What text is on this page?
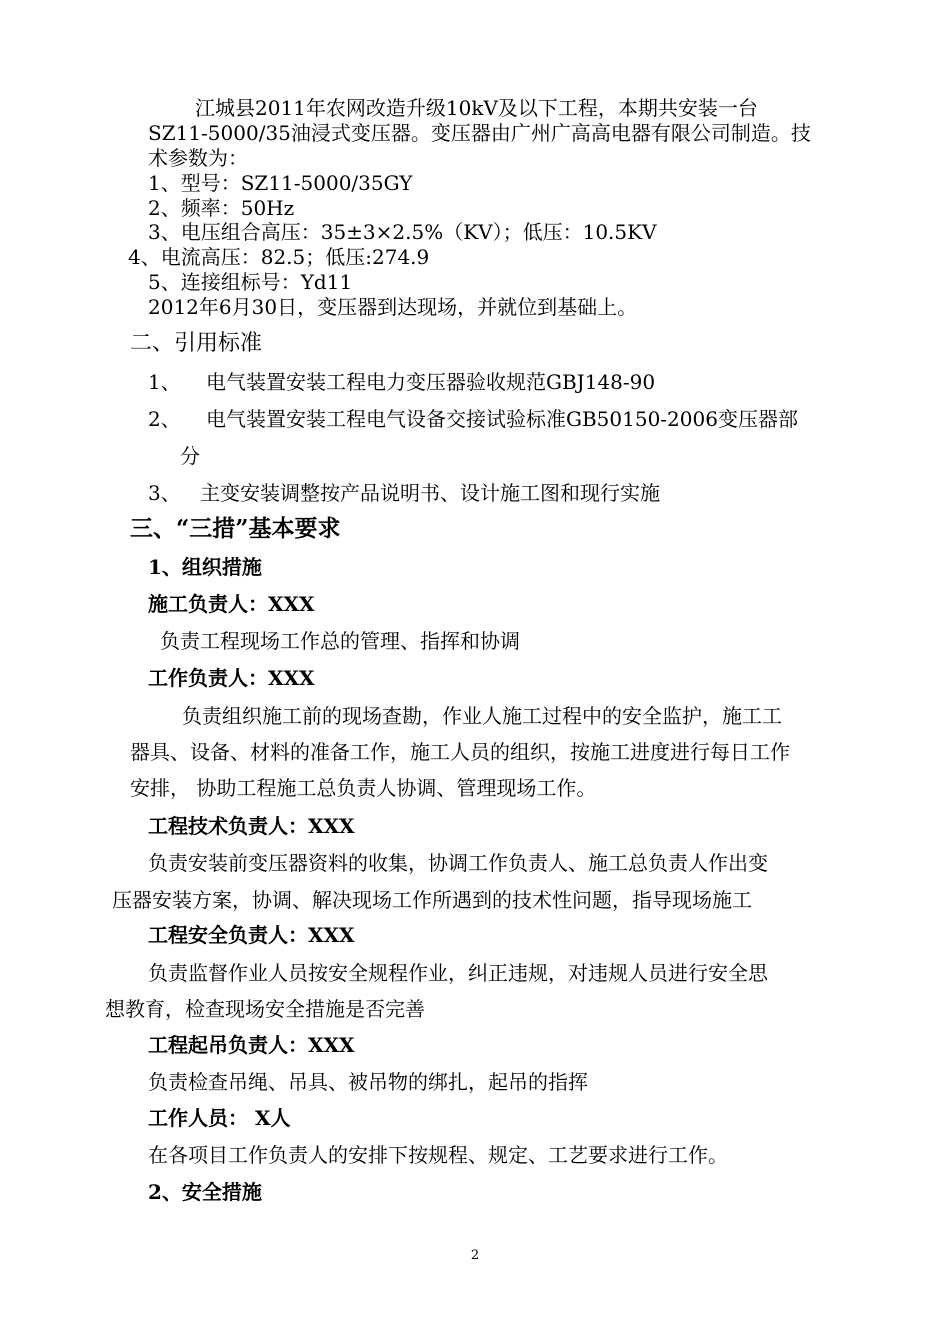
江城县2011年农网改造升级10kV及以下工程，本期共安装一台
SZ11-5000/35油浸式变压器。变压器由广州广高高电器有限公司制造。技
术参数为：
1、型号：SZ11-5000/35GY
2、频率：50Hz
3、电压组合高压：35±3×2.5%（KV）；低压：10.5KV
4、电流高压：82.5；低压:274.9
5、连接组标号：Yd11
2012年6月30日，变压器到达现场，并就位到基础上。
二、引用标准
1、 电气装置安装工程电力变压器验收规范GBJ148-90
2、 电气装置安装工程电气设备交接试验标准GB50150-2006变压器部
分
3、 主变安装调整按产品说明书、设计施工图和现行实施
三、“三措”基本要求
1、组织措施
施工负责人：XXX
负责工程现场工作总的管理、指挥和协调
工作负责人：XXX
负责组织施工前的现场查勘，作业人施工过程中的安全监护，施工工
器具、设备、材料的准备工作，施工人员的组织，按施工进度进行每日工作
安排， 协助工程施工总负责人协调、管理现场工作。
工程技术负责人：XXX
负责安装前变压器资料的收集，协调工作负责人、施工总负责人作出变
压器安装方案，协调、解决现场工作所遇到的技术性问题，指导现场施工
工程安全负责人：XXX
负责监督作业人员按安全规程作业，纠正违规，对违规人员进行安全思
想教育，检查现场安全措施是否完善
工程起吊负责人：XXX
负责检查吊绳、吊具、被吊物的绑扎，起吊的指挥
工作人员： X人
在各项目工作负责人的安排下按规程、规定、工艺要求进行工作。
2、安全措施
2
